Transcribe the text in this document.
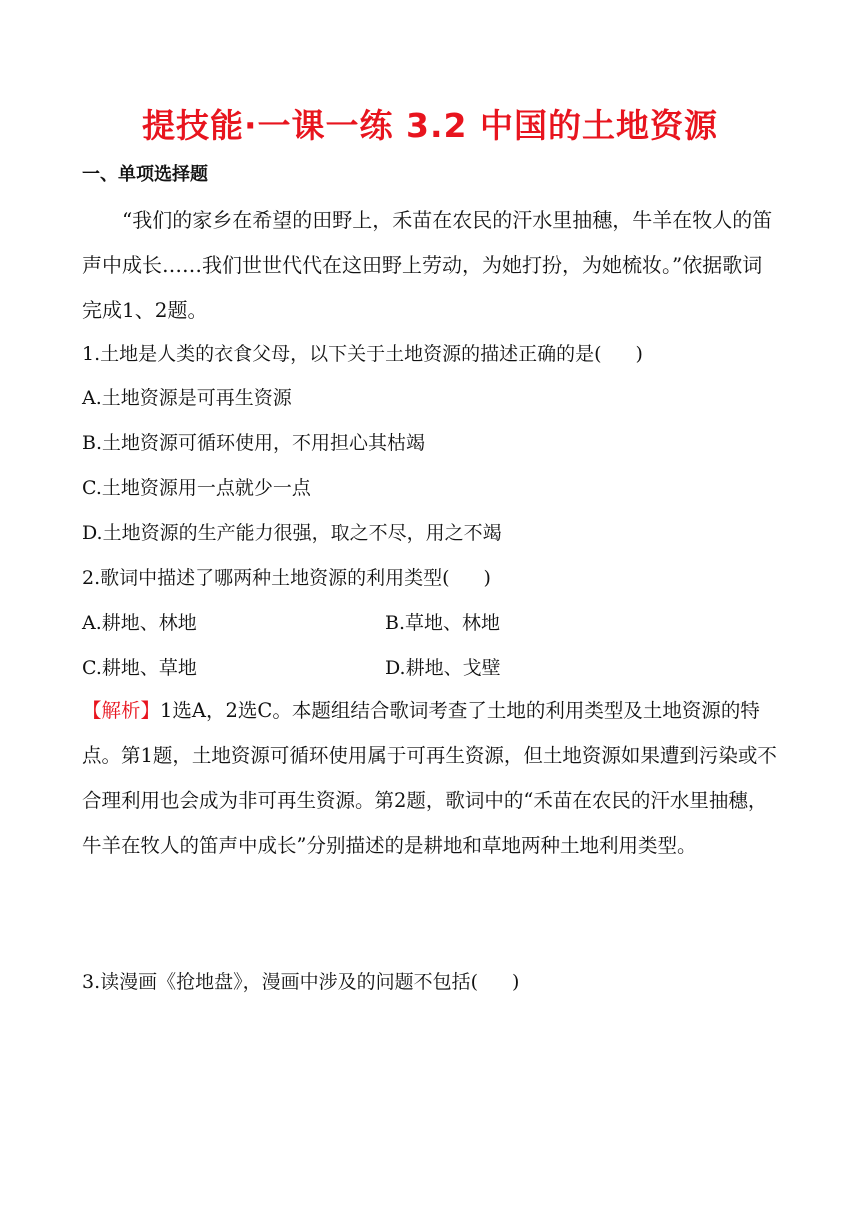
提技能·一课一练 3.2 中国的土地资源
一、单项选择题
“我们的家乡在希望的田野上，禾苗在农民的汗水里抽穗，牛羊在牧人的笛声中成长……我们世世代代在这田野上劳动，为她打扮，为她梳妆。”依据歌词完成1、2题。
1.土地是人类的衣食父母，以下关于土地资源的描述正确的是( )
A.土地资源是可再生资源
B.土地资源可循环使用，不用担心其枯竭
C.土地资源用一点就少一点
D.土地资源的生产能力很强，取之不尽，用之不竭
2.歌词中描述了哪两种土地资源的利用类型( )
A.耕地、林地	B.草地、林地
C.耕地、草地	D.耕地、戈壁
【解析】1选A，2选C。本题组结合歌词考查了土地的利用类型及土地资源的特点。第1题，土地资源可循环使用属于可再生资源，但土地资源如果遭到污染或不合理利用也会成为非可再生资源。第2题，歌词中的“禾苗在农民的汗水里抽穗，牛羊在牧人的笛声中成长”分别描述的是耕地和草地两种土地利用类型。
3.读漫画《抢地盘》，漫画中涉及的问题不包括( )
